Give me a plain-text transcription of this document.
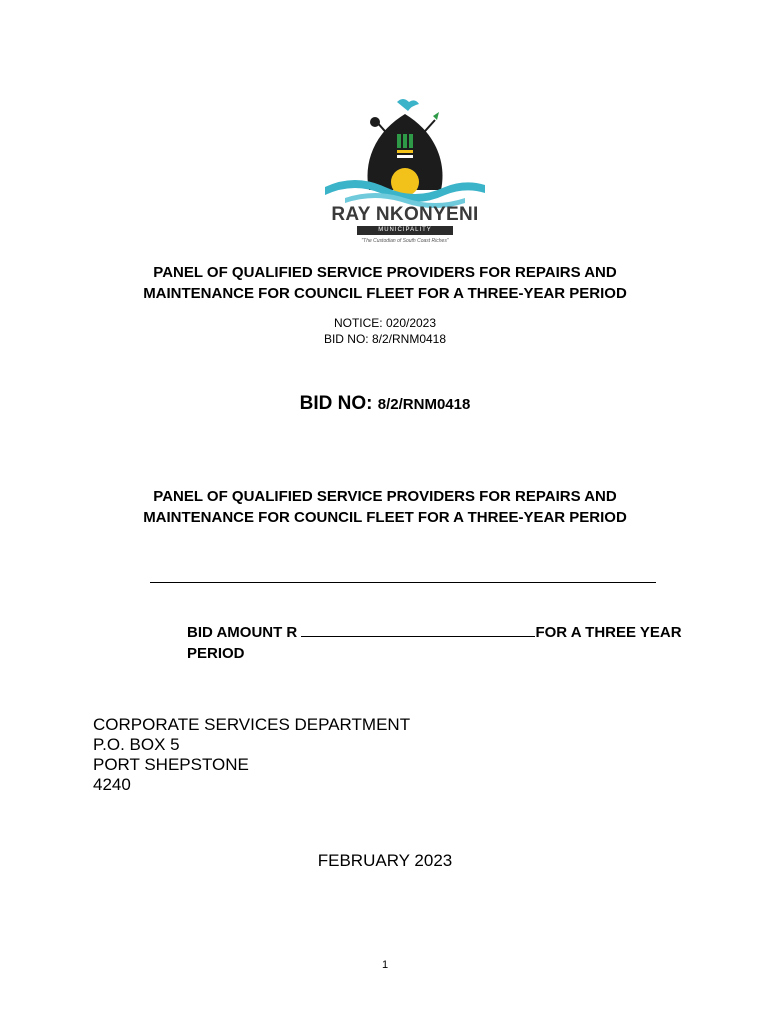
RAY NKONYENI
MUNICIPALITY
"The Custodian of South Coast Riches"
PANEL OF QUALIFIED SERVICE PROVIDERS FOR REPAIRS AND
MAINTENANCE FOR COUNCIL FLEET FOR A THREE-YEAR PERIOD
NOTICE: 020/2023
BID NO: 8/2/RNM0418
BID NO: 8/2/RNM0418
PANEL OF QUALIFIED SERVICE PROVIDERS FOR REPAIRS AND
MAINTENANCE FOR COUNCIL FLEET FOR A THREE-YEAR PERIOD
BID AMOUNT R	FOR A THREE YEAR
PERIOD
CORPORATE SERVICES DEPARTMENT
P.O. BOX 5
PORT SHEPSTONE
4240
FEBRUARY 2023
1
